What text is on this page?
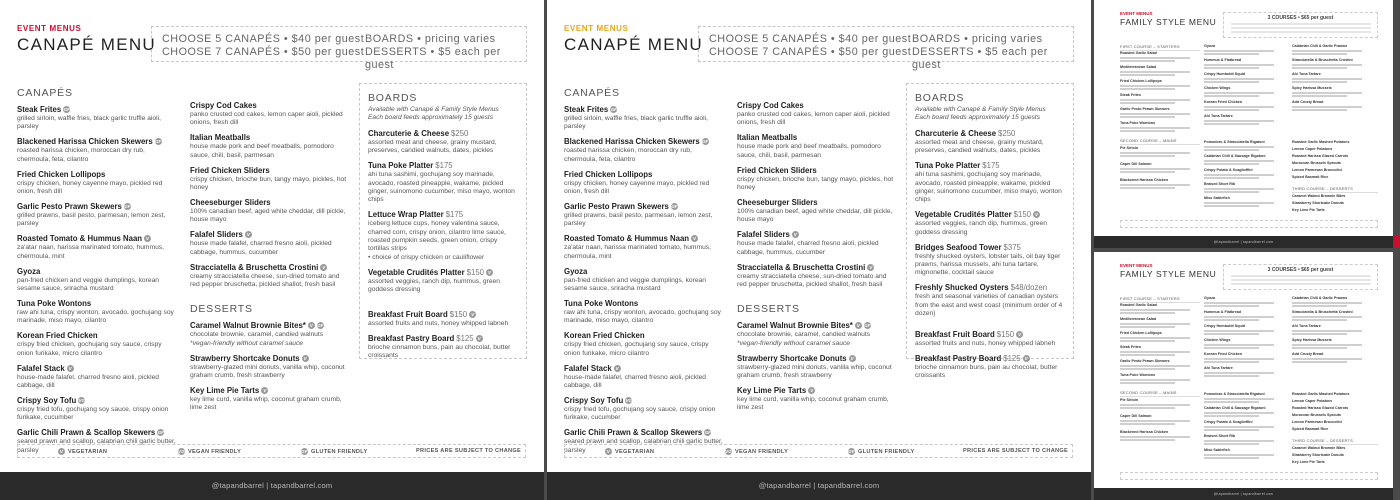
EVENT MENUS
CANAPÉ MENU CHOOSE 5 CANAPÉS • $40 per guest
CHOOSE 7 CANAPÉS • $50 per guest
BOARDS • pricing varies
DESSERTS • $5 each per guest
CANAPÉS
Steak Frites GF
grilled sirloin, waffle fries, black garlic truffle aioli, parsley
Blackened Harissa Chicken Skewers GF
roasted harissa chicken, moroccan dry rub, chermoula, feta, cilantro
Fried Chicken Lollipops
crispy chicken, honey cayenne mayo, pickled red onion, fresh dill
Garlic Pesto Prawn Skewers GF
grilled prawns, basil pesto, parmesan, lemon zest, parsley
Roasted Tomato & Hummus Naan V
za'atar naan, harissa marinated tomato, hummus, chermoula, mint
Gyoza
pan-fried chicken and veggie dumplings, korean sesame sauce, sriracha mustard
Tuna Poke Wontons
raw ahi tuna, crispy wonton, avocado, gochujang soy marinade, miso mayo, cilantro
Korean Fried Chicken
crispy fried chicken, gochujang soy sauce, crispy onion furikake, micro cilantro
Falafel Stack V
house-made falafel, charred fresno aioli, pickled cabbage, dill
Crispy Soy Tofu VG
crispy fried tofu, gochujang soy sauce, crispy onion furikake, cucumber
Garlic Chili Prawn & Scallop Skewers GF
seared prawn and scallop, calabrian chili garlic butter, parsley
Crispy Cod Cakes
panko crusted cod cakes, lemon caper aioli, pickled onions, fresh dill
Italian Meatballs
house made pork and beef meatballs, pomodoro sauce, chili, basil, parmesan
Fried Chicken Sliders
crispy chicken, brioche bun, tangy mayo, pickles, hot honey
Cheeseburger Sliders
100% canadian beef, aged white cheddar, dill pickle, house mayo
Falafel Sliders V
house made falafel, charred fresno aioli, pickled cabbage, hummus, cucumber
Stracciatella & Bruschetta Crostini V
creamy stracciatella cheese, sun-dried tomato and red pepper bruschetta, pickled shallot, fresh basil
DESSERTS
Caramel Walnut Brownie Bites* V GF
chocolate brownie, caramel, candied walnuts
*vegan-friendly without caramel sauce
Strawberry Shortcake Donuts V
strawberry-glazed mini donuts, vanilla whip, coconut graham crumb, fresh strawberry
Key Lime Pie Tarts V
key lime curd, vanilla whip, coconut graham crumb, lime zest
BOARDS
Available with Canapé & Family Style Menus
Each board feeds approximately 15 guests
Charcuterie & Cheese $250
assorted meat and cheese, grainy mustard, preserves, candied walnuts, dates, pickles
Tuna Poke Platter $175
ahi tuna sashimi, gochujang soy marinade, avocado, roasted pineapple, wakame, pickled ginger, suinomono cucumber, miso mayo, wonton chips
Lettuce Wrap Platter $175
iceberg lettuce cups, honey valentina sauce, charred corn, crispy onion, cilantro lime sauce, roasted pumpkin seeds, green onion, crispy tortillas strips
• choice of crispy chicken or cauliflower
Vegetable Crudités Platter $150 V
assorted veggies, ranch dip, hummus, green goddess dressing
Breakfast Fruit Board $150 V
assorted fruits and nuts, honey whipped labneh
Breakfast Pastry Board $125 V
brioche cinnamon buns, pain au chocolat, butter croissants
V VEGETARIAN	VG VEGAN FRIENDLY	GF GLUTEN FRIENDLY	PRICES ARE SUBJECT TO CHANGE
@tapandbarrel | tapandbarrel.com
EVENT MENUS
CANAPÉ MENU CHOOSE 5 CANAPÉS • $40 per guest
CHOOSE 7 CANAPÉS • $50 per guest
BOARDS • pricing varies
DESSERTS • $5 each per guest
CANAPÉS
Steak Frites GF
grilled sirloin, waffle fries, black garlic truffle aioli, parsley
Blackened Harissa Chicken Skewers GF
roasted harissa chicken, moroccan dry rub, chermoula, feta, cilantro
Fried Chicken Lollipops
crispy chicken, honey cayenne mayo, pickled red onion, fresh dill
Garlic Pesto Prawn Skewers GF
grilled prawns, basil pesto, parmesan, lemon zest, parsley
Roasted Tomato & Hummus Naan V
za'atar naan, harissa marinated tomato, hummus, chermoula, mint
Gyoza
pan-fried chicken and veggie dumplings, korean sesame sauce, sriracha mustard
Tuna Poke Wontons
raw ahi tuna, crispy wonton, avocado, gochujang soy marinade, miso mayo, cilantro
Korean Fried Chicken
crispy fried chicken, gochujang soy sauce, crispy onion furikake, micro cilantro
Falafel Stack V
house-made falafel, charred fresno aioli, pickled cabbage, dill
Crispy Soy Tofu VG
crispy fried tofu, gochujang soy sauce, crispy onion furikake, cucumber
Garlic Chili Prawn & Scallop Skewers GF
seared prawn and scallop, calabrian chili garlic butter, parsley
Crispy Cod Cakes
panko crusted cod cakes, lemon caper aioli, pickled onions, fresh dill
Italian Meatballs
house made pork and beef meatballs, pomodoro sauce, chili, basil, parmesan
Fried Chicken Sliders
crispy chicken, brioche bun, tangy mayo, pickles, hot honey
Cheeseburger Sliders
100% canadian beef, aged white cheddar, dill pickle, house mayo
Falafel Sliders V
house made falafel, charred fresno aioli, pickled cabbage, hummus, cucumber
Stracciatella & Bruschetta Crostini V
creamy stracciatella cheese, sun-dried tomato and red pepper bruschetta, pickled shallot, fresh basil
DESSERTS
Caramel Walnut Brownie Bites* V GF
chocolate brownie, caramel, candied walnuts
*vegan-friendly without caramel sauce
Strawberry Shortcake Donuts V
strawberry-glazed mini donuts, vanilla whip, coconut graham crumb, fresh strawberry
Key Lime Pie Tarts V
key lime curd, vanilla whip, coconut graham crumb, lime zest
BOARDS
Available with Canapé & Family Style Menus
Each board feeds approximately 15 guests
Charcuterie & Cheese $250
assorted meat and cheese, grainy mustard, preserves, candied walnuts, dates, pickles
Tuna Poke Platter $175
ahi tuna sashimi, gochujang soy marinade, avocado, roasted pineapple, wakame, pickled ginger, suinomono cucumber, miso mayo, wonton chips
Vegetable Crudités Platter $150 V
assorted veggies, ranch dip, hummus, green goddess dressing
Bridges Seafood Tower $375
freshly shucked oysters, lobster tails, oil bay tiger prawns, harissa mussels, ahi tuna tartare, mignonette, cocktail sauce
Freshly Shucked Oysters $48/dozen
fresh and seasonal varieties of canadian oysters from the east and west coast (minimum order of 4 dozen)
Breakfast Fruit Board $150 V
assorted fruits and nuts, honey whipped labneh
Breakfast Pastry Board $125 V
brioche cinnamon buns, pain au chocolat, butter croissants
V VEGETARIAN	VG VEGAN FRIENDLY	GF GLUTEN FRIENDLY	PRICES ARE SUBJECT TO CHANGE
@tapandbarrel | tapandbarrel.com
EVENT MENUS
FAMILY STYLE MENU	3 COURSES • $65 per guest
FIRST COURSE – STARTERS
Roasted Garlic Salad
Mediterranean Salad
Fried Chicken Lollipops
Steak Frites
Garlic Pesto Prawn Skewers
Tuna Poke Wontons
Gyoza
Hummus & Flatbread
Crispy Humboldt Squid
Chicken Wings
Korean Fried Chicken
Ahi Tuna Tartare
Calabrian Chili & Garlic Prawns
Stracciatella & Bruschetta Crostini
Ahi Tuna Tartare
Spicy Harissa Mussels
Add Crusty Bread
SECOND COURSE – MAINS
Pie Sirloin
Caper Dill Salmon
Blackened Harissa Chicken
Pomodoro & Stracciatella Rigatoni
Calabrian Chili & Sausage Rigatoni
Crispy Potato & Scaglioffini
Braised Short Rib
Miso Sablefish
Roasted Garlic Mashed Potatoes
Lemon Caper Potatoes
Roasted Harissa Glazed Carrots
Moroccan Brussels Sprouts
Lemon Parmesan Broccolini
Spiced Basmati Rice
THIRD COURSE – DESSERTS
Caramel Walnut Brownie Bites
Strawberry Shortcake Donuts
Key Lime Pie Tarts
@tapandbarrel | tapandbarrel.com
EVENT MENUS
FAMILY STYLE MENU	3 COURSES • $65 per guest
FIRST COURSE – STARTERS
Roasted Garlic Salad
Mediterranean Salad
Fried Chicken Lollipops
Steak Frites
Garlic Pesto Prawn Skewers
Tuna Poke Wontons
Gyoza
Hummus & Flatbread
Crispy Humboldt Squid
Chicken Wings
Korean Fried Chicken
Ahi Tuna Tartare
Calabrian Chili & Garlic Prawns
Stracciatella & Bruschetta Crostini
Ahi Tuna Tartare
Spicy Harissa Mussels
Add Crusty Bread
SECOND COURSE – MAINS
Pie Sirloin
Caper Dill Salmon
Blackened Harissa Chicken
Pomodoro & Stracciatella Rigatoni
Calabrian Chili & Sausage Rigatoni
Crispy Potato & Scaglioffini
Braised Short Rib
Miso Sablefish
Roasted Garlic Mashed Potatoes
Lemon Caper Potatoes
Roasted Harissa Glazed Carrots
Moroccan Brussels Sprouts
Lemon Parmesan Broccolini
Spiced Basmati Rice
THIRD COURSE – DESSERTS
Caramel Walnut Brownie Bites
Strawberry Shortcake Donuts
Key Lime Pie Tarts
@tapandbarrel | tapandbarrel.com
